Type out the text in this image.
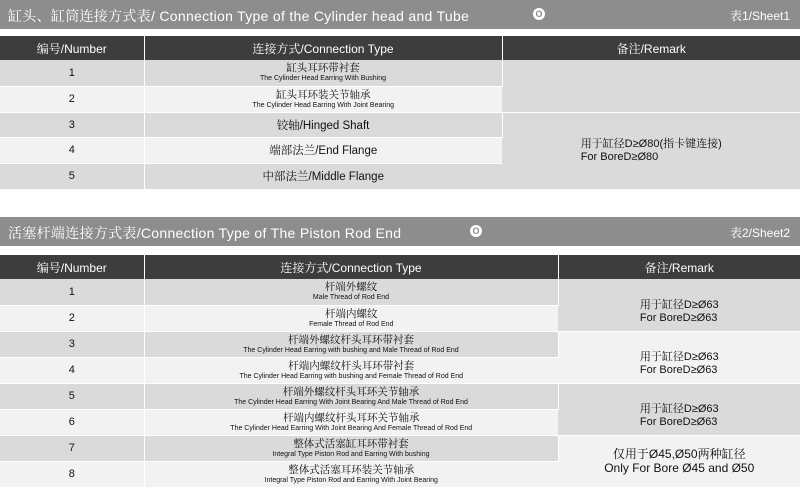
缸头、缸筒连接方式表/ Connection Type of the Cylinder head and Tube	O	表1/Sheet1
编号/Number	连接方式/Connection Type	备注/Remark
1	缸头耳环带衬套
The Cylinder Head Earring With Bushing	

2	缸头耳环装关节轴承
The Cylinder Head Earring With Joint Bearing	

3	铰轴/Hinged Shaft	用于缸径D≥Ø80(指卡键连接)
For BoreD≥Ø80
4	端部法兰/End Flange	
5	中部法兰/Middle Flange	
活塞杆端连接方式表/Connection Type of The Piston Rod End	O	表2/Sheet2
编号/Number	连接方式/Connection Type	备注/Remark
1	杆端外螺纹
Male Thread of Rod End	用于缸径D≥Ø63
For BoreD≥Ø63
2	杆端内螺纹
Female Thread of Rod End	

3	杆端外螺纹杆头耳环带衬套
The Cylinder Head Earring with bushing and Male Thread of Rod End	用于缸径D≥Ø63
For BoreD≥Ø63
4	杆端内螺纹杆头耳环带衬套
The Cylinder Head Earring with bushing and Female Thread of Rod End	

5	杆端外螺纹杆头耳环关节轴承
The Cylinder Head Earring With Joint Bearing And Male Thread of Rod End	用于缸径D≥Ø63
For BoreD≥Ø63
6	杆端内螺纹杆头耳环关节轴承
The Cylinder Head Earring With Joint Bearing And Female Thread of Rod End	

7	整体式活塞缸耳环带衬套
Integral Type Piston Rod and Earring With bushing	仅用于Ø45,Ø50两种缸径
Only For Bore Ø45 and Ø50
8	整体式活塞耳环装关节轴承
Integral Type Piston Rod and Earring With Joint Bearing	
